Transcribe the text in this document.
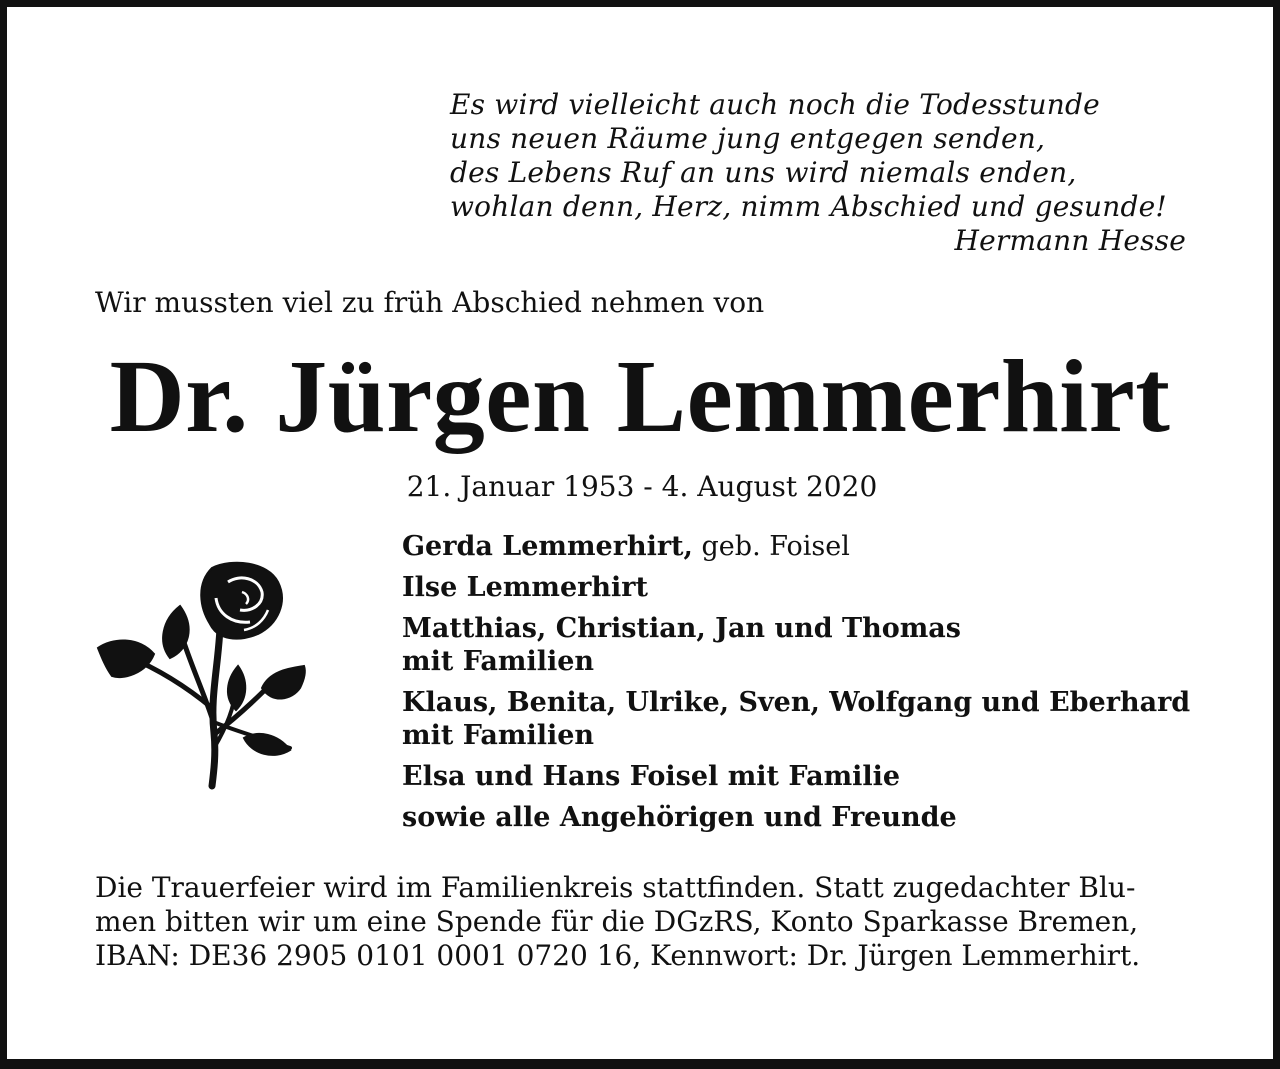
Es wird vielleicht auch noch die Todesstunde
uns neuen Räume jung entgegen senden,
des Lebens Ruf an uns wird niemals enden,
wohlan denn, Herz, nimm Abschied und gesunde!
Hermann Hesse
Wir mussten viel zu früh Abschied nehmen von
Dr. Jürgen Lemmerhirt
21. Januar 1953 - 4. August 2020
Gerda Lemmerhirt, geb. Foisel
Ilse Lemmerhirt
Matthias, Christian, Jan und Thomas
mit Familien
Klaus, Benita, Ulrike, Sven, Wolfgang und Eberhard
mit Familien
Elsa und Hans Foisel mit Familie
sowie alle Angehörigen und Freunde
Die Trauerfeier wird im Familienkreis stattfinden. Statt zugedachter Blu-
men bitten wir um eine Spende für die DGzRS, Konto Sparkasse Bremen,
IBAN: DE36 2905 0101 0001 0720 16, Kennwort: Dr. Jürgen Lemmerhirt.
